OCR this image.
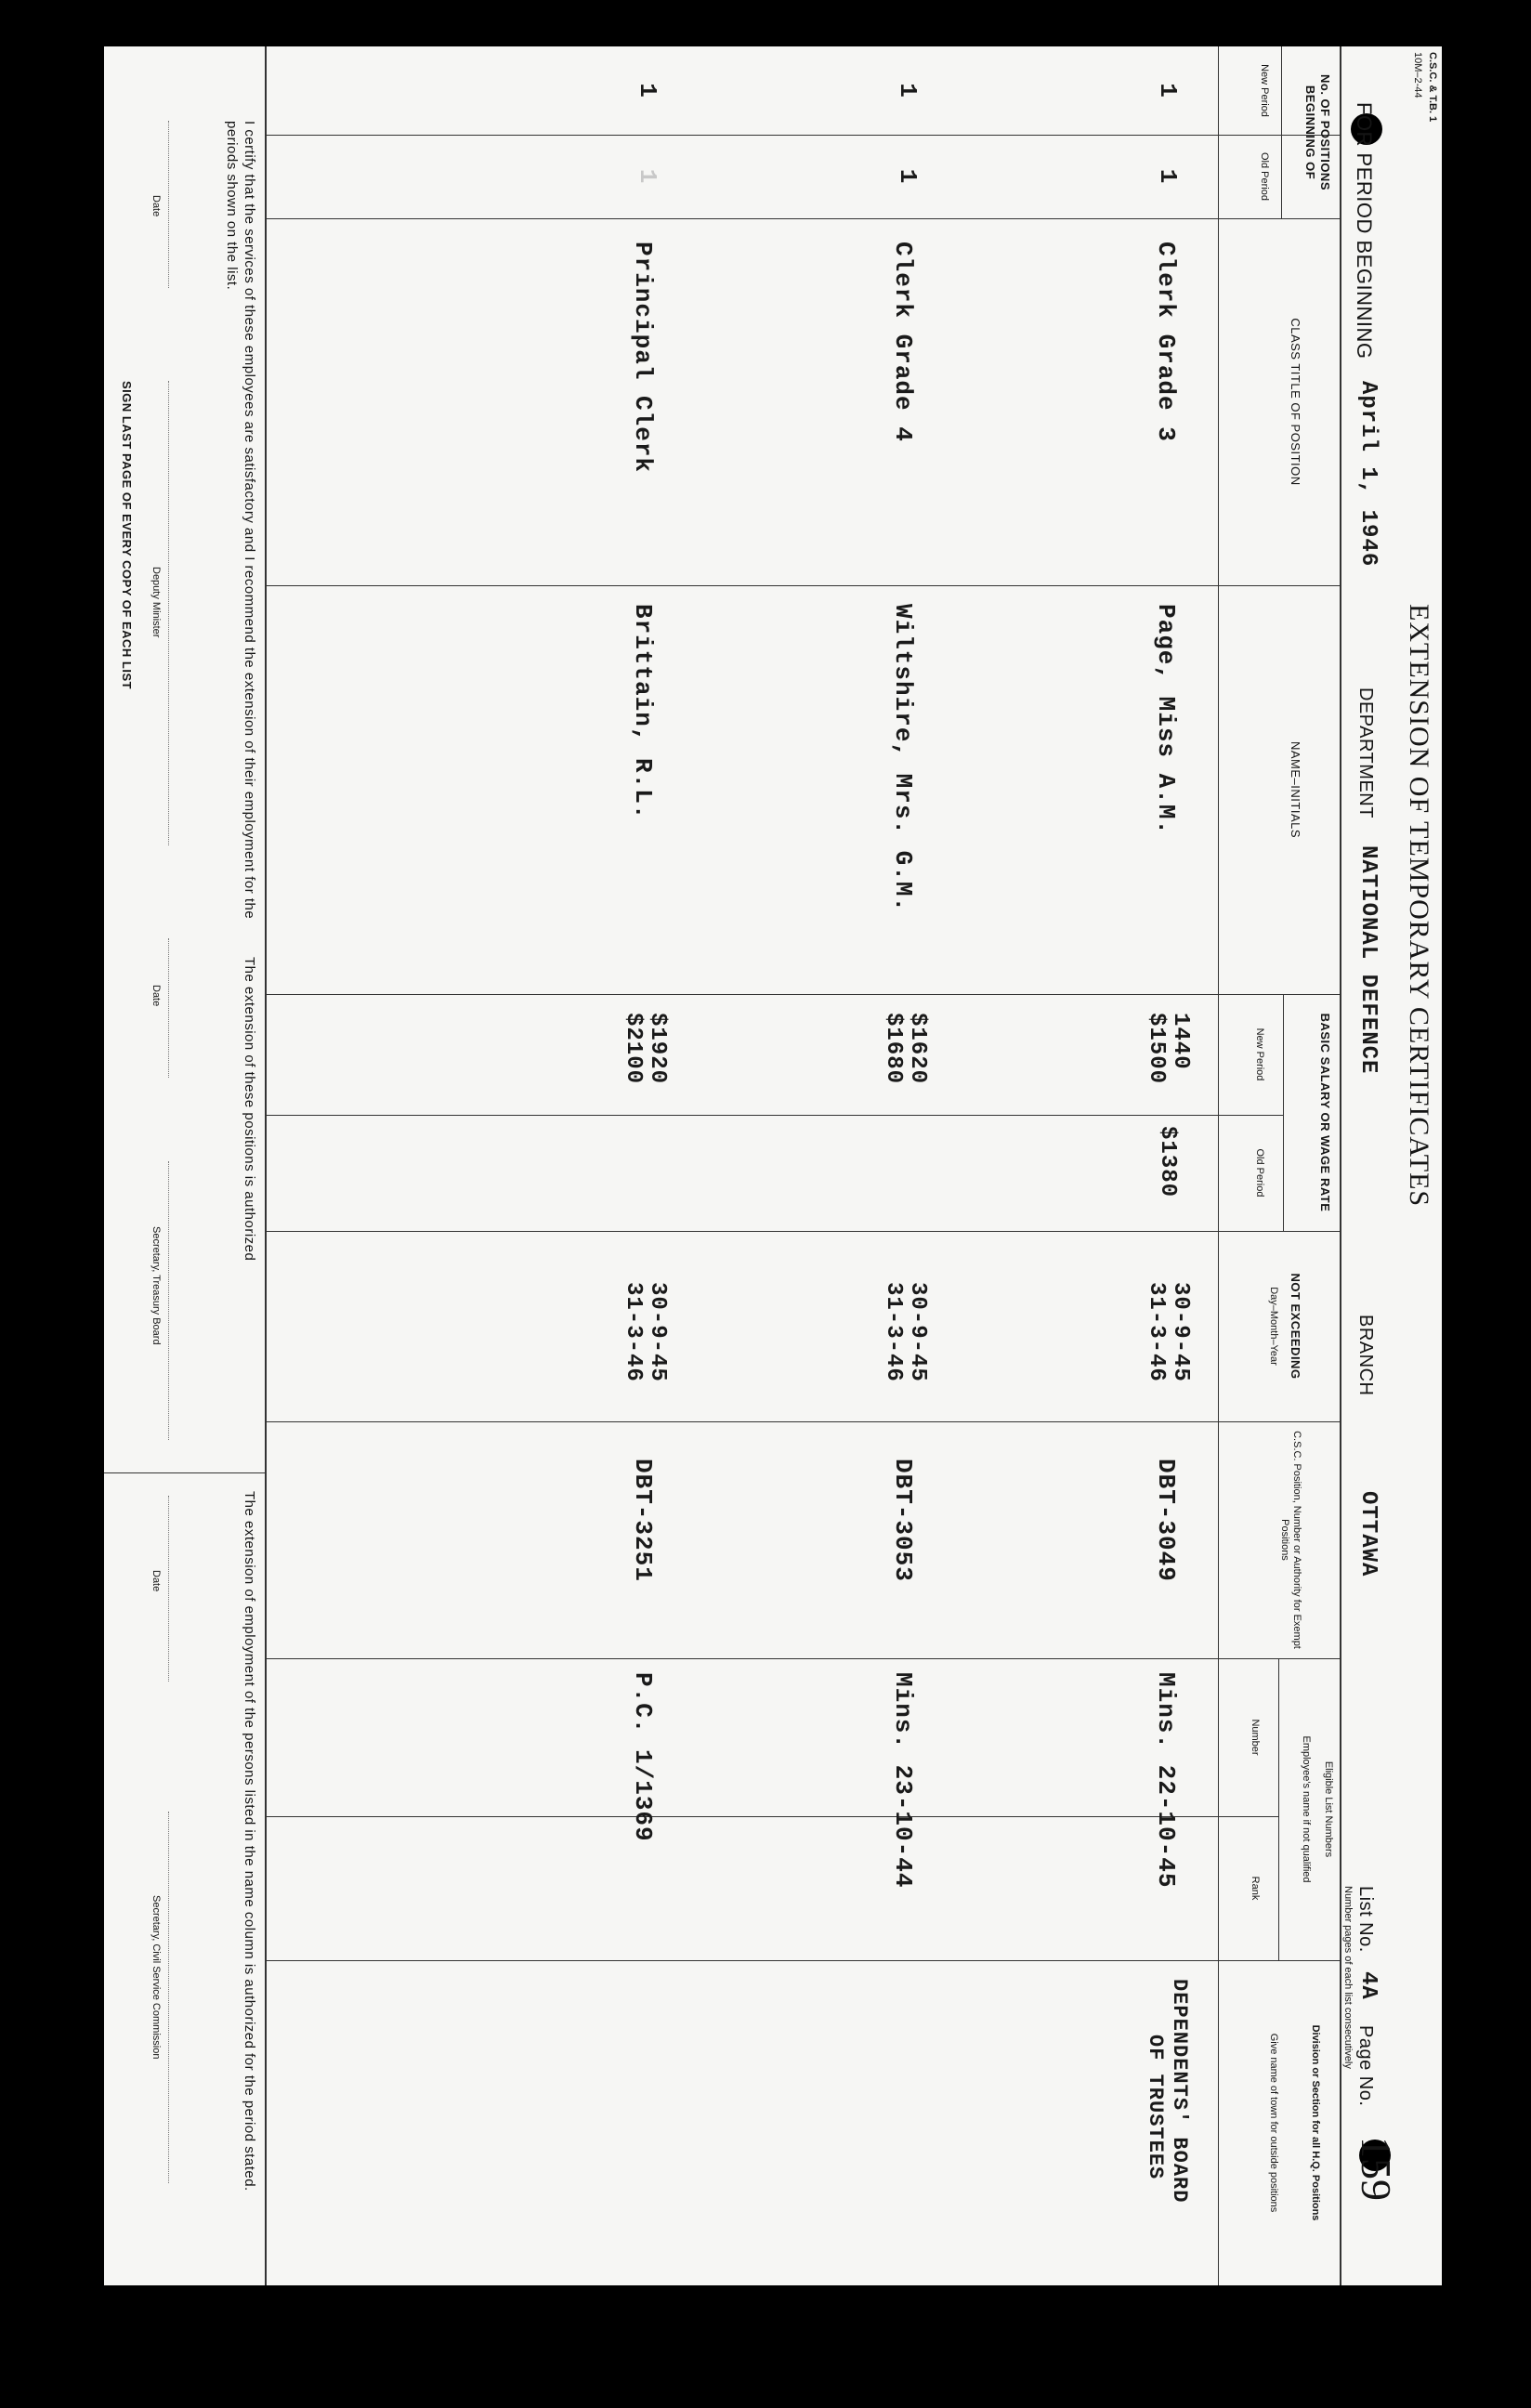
C.S.C. & T.B. 1
10M–2-44
EXTENSION OF TEMPORARY CERTIFICATES
FOR PERIOD BEGINNING
April 1, 1946
DEPARTMENT
NATIONAL DEFENCE
BRANCH
OTTAWA
List No.
4A
Page No.
159
Number pages of each list consecutively
No. OF POSITIONS BEGINNING OF
New Period
Old Period
CLASS TITLE OF POSITION
NAME–INITIALS
BASIC SALARY OR WAGE RATE
New Period
Old Period
NOT EXCEEDING
Day–Month–Year
C.S.C. Position, Number or Authority for Exempt Positions
Eligible List Numbers
Employee's name if not qualified
Number
Rank
Division or Section for all H.Q. Positions
Give name of town for outside positions
1
1
Clerk Grade 3
Page, Miss A.M.
1440
$1500
$1380
30-9-45
31-3-46
DBT-3049
Mins. 22-10-45
DEPENDENTS' BOARD
OF TRUSTEES
1
1
Clerk Grade 4
Wiltshire, Mrs. G.M.
$1620
$1680
30-9-45
31-3-46
DBT-3053
Mins. 23-10-44
1
1
Principal Clerk
Brittain, R.L.
$1920
$2100
30-9-45
31-3-46
DBT-3251
P.C. 1/1369
I certify that the services of these employees are satisfactory and I recommend the extension of their employment for the periods shown on the list.
Date
Deputy Minister
SIGN LAST PAGE OF EVERY COPY OF EACH LIST
The extension of these positions is authorized
Date
Secretary, Treasury Board
The extension of employment of the persons listed in the name column is authorized for the period stated.
Date
Secretary, Civil Service Commission
